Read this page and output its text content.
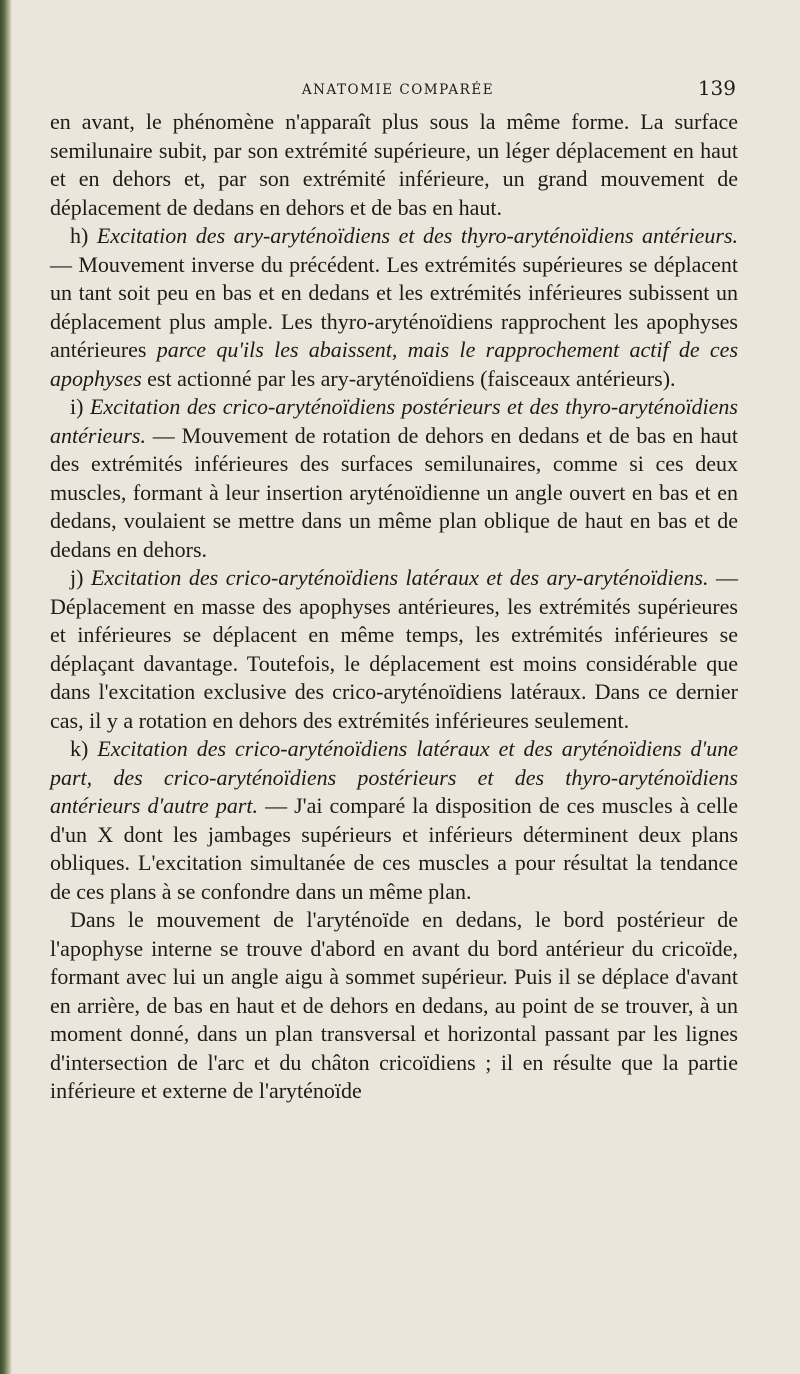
ANATOMIE COMPARÉE	139

en avant, le phénomène n'apparaît plus sous la même forme. La surface semilunaire subit, par son extrémité supérieure, un léger déplacement en haut et en dehors et, par son extrémité inférieure, un grand mouvement de déplacement de dedans en dehors et de bas en haut.

h) Excitation des ary-aryténoïdiens et des thyro-aryténoïdiens antérieurs. — Mouvement inverse du précédent. Les extrémités supérieures se déplacent un tant soit peu en bas et en dedans et les extrémités inférieures subissent un déplacement plus ample. Les thyro-aryténoïdiens rapprochent les apophyses antérieures parce qu'ils les abaissent, mais le rapprochement actif de ces apophyses est actionné par les ary-aryténoïdiens (faisceaux antérieurs).

i) Excitation des crico-aryténoïdiens postérieurs et des thyro-aryténoïdiens antérieurs. — Mouvement de rotation de dehors en dedans et de bas en haut des extrémités inférieures des surfaces semilunaires, comme si ces deux muscles, formant à leur insertion aryténoïdienne un angle ouvert en bas et en dedans, voulaient se mettre dans un même plan oblique de haut en bas et de dedans en dehors.

j) Excitation des crico-aryténoïdiens latéraux et des ary-aryténoïdiens. — Déplacement en masse des apophyses antérieures, les extrémités supérieures et inférieures se déplacent en même temps, les extrémités inférieures se déplaçant davantage. Toutefois, le déplacement est moins considérable que dans l'excitation exclusive des crico-aryténoïdiens latéraux. Dans ce dernier cas, il y a rotation en dehors des extrémités inférieures seulement.

k) Excitation des crico-aryténoïdiens latéraux et des aryténoïdiens d'une part, des crico-aryténoïdiens postérieurs et des thyro-aryténoïdiens antérieurs d'autre part. — J'ai comparé la disposition de ces muscles à celle d'un X dont les jambages supérieurs et inférieurs déterminent deux plans obliques. L'excitation simultanée de ces muscles a pour résultat la tendance de ces plans à se confondre dans un même plan.

Dans le mouvement de l'aryténoïde en dedans, le bord postérieur de l'apophyse interne se trouve d'abord en avant du bord antérieur du cricoïde, formant avec lui un angle aigu à sommet supérieur. Puis il se déplace d'avant en arrière, de bas en haut et de dehors en dedans, au point de se trouver, à un moment donné, dans un plan transversal et horizontal passant par les lignes d'intersection de l'arc et du châton cricoïdiens ; il en résulte que la partie inférieure et externe de l'aryténoïde
